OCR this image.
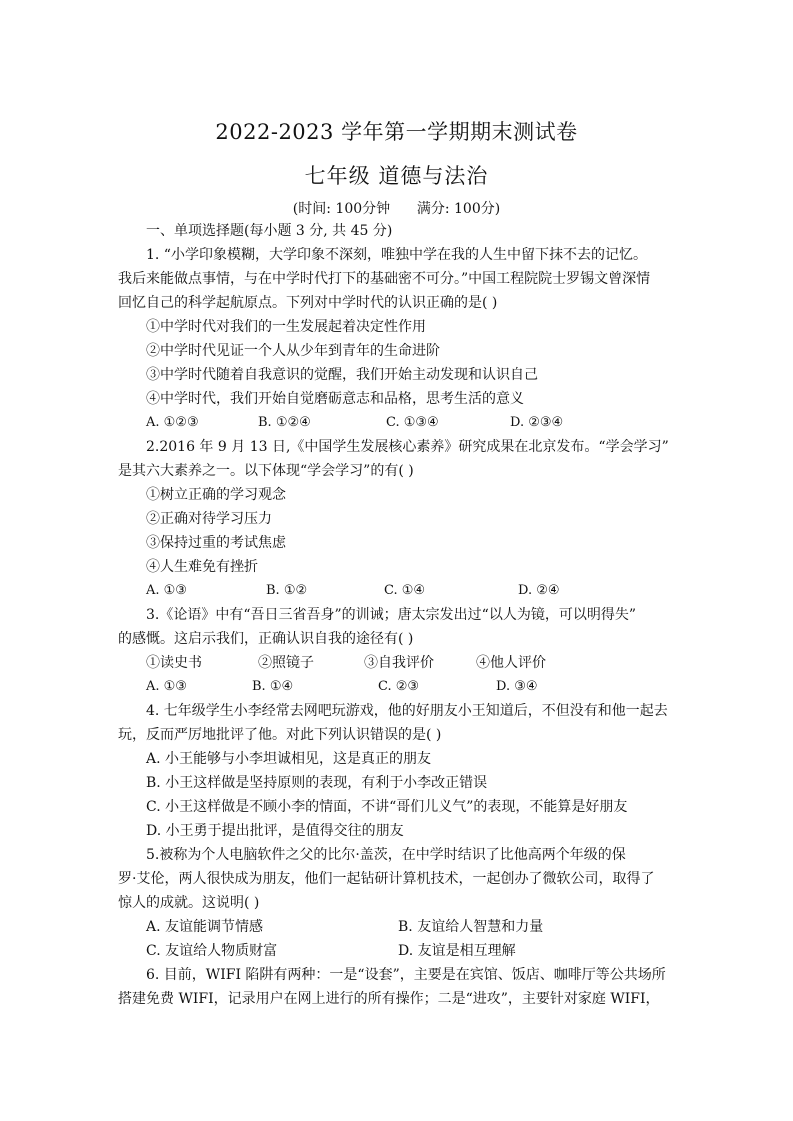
2022-2023 学年第一学期期末测试卷
七年级 道德与法治
(时间: 100分钟      满分: 100分)
一、单项选择题(每小题 3 分, 共 45 分)
1. “小学印象模糊，大学印象不深刻，唯独中学在我的人生中留下抹不去的记忆。
我后来能做点事情，与在中学时代打下的基础密不可分。”中国工程院院士罗锡文曾深情
回忆自己的科学起航原点。下列对中学时代的认识正确的是( )
①中学时代对我们的一生发展起着决定性作用
②中学时代见证一个人从少年到青年的生命进阶
③中学时代随着自我意识的觉醒，我们开始主动发现和认识自己
④中学时代，我们开始自觉磨砺意志和品格，思考生活的意义
A. ①②③	B. ①②④	C. ①③④	D. ②③④
2.2016 年 9 月 13 日,《中国学生发展核心素养》研究成果在北京发布。“学会学习”
是其六大素养之一。以下体现“学会学习”的有( )
①树立正确的学习观念
②正确对待学习压力
③保持过重的考试焦虑
④人生难免有挫折
A. ①③	B. ①②	C. ①④	D. ②④
3.《论语》中有“吾日三省吾身”的训诫；唐太宗发出过“以人为镜，可以明得失”
的感慨。这启示我们，正确认识自我的途径有( )
①读史书	②照镜子	③自我评价	④他人评价
A. ①③	B. ①④	C. ②③	D. ③④
4. 七年级学生小李经常去网吧玩游戏，他的好朋友小王知道后，不但没有和他一起去
玩，反而严厉地批评了他。对此下列认识错误的是( )
A. 小王能够与小李坦诚相见，这是真正的朋友
B. 小王这样做是坚持原则的表现，有利于小李改正错误
C. 小王这样做是不顾小李的情面，不讲“哥们儿义气”的表现，不能算是好朋友
D. 小王勇于提出批评，是值得交往的朋友
5.被称为个人电脑软件之父的比尔·盖茨，在中学时结识了比他高两个年级的保
罗·艾伦，两人很快成为朋友，他们一起钻研计算机技术，一起创办了微软公司，取得了
惊人的成就。这说明( )
A. 友谊能调节情感	B. 友谊给人智慧和力量
C. 友谊给人物质财富	D. 友谊是相互理解
6. 目前，WIFI 陷阱有两种：一是“设套”，主要是在宾馆、饭店、咖啡厅等公共场所
搭建免费 WIFI，记录用户在网上进行的所有操作；二是“进攻”，主要针对家庭 WIFI，
